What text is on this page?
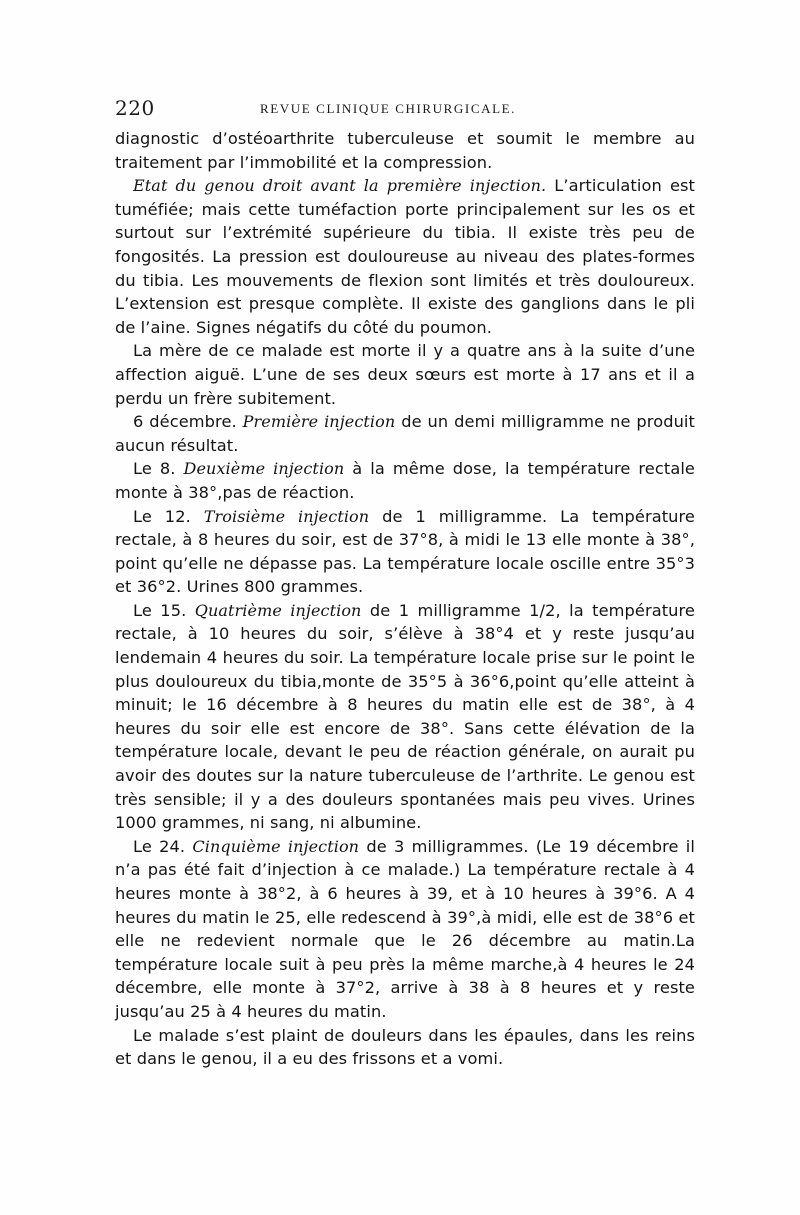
220	REVUE CLINIQUE CHIRURGICALE.

diagnostic d’ostéoarthrite tuberculeuse et soumit le membre au traitement par l’immobilité et la compression.

Etat du genou droit avant la première injection. L’articulation est tuméfiée; mais cette tuméfaction porte principalement sur les os et surtout sur l’extrémité supérieure du tibia. Il existe très peu de fongosités. La pression est douloureuse au niveau des plates-formes du tibia. Les mouvements de flexion sont limités et très douloureux. L’extension est presque complète. Il existe des ganglions dans le pli de l’aine. Signes négatifs du côté du poumon.

La mère de ce malade est morte il y a quatre ans à la suite d’une affection aiguë. L’une de ses deux sœurs est morte à 17 ans et il a perdu un frère subitement.

6 décembre. Première injection de un demi milligramme ne produit aucun résultat.

Le 8. Deuxième injection à la même dose, la température rectale monte à 38°,pas de réaction.

Le 12. Troisième injection de 1 milligramme. La température rectale, à 8 heures du soir, est de 37°8, à midi le 13 elle monte à 38°, point qu’elle ne dépasse pas. La température locale oscille entre 35°3 et 36°2. Urines 800 grammes.

Le 15. Quatrième injection de 1 milligramme 1/2, la température rectale, à 10 heures du soir, s’élève à 38°4 et y reste jusqu’au lendemain 4 heures du soir. La température locale prise sur le point le plus douloureux du tibia,monte de 35°5 à 36°6,point qu’elle atteint à minuit; le 16 décembre à 8 heures du matin elle est de 38°, à 4 heures du soir elle est encore de 38°. Sans cette élévation de la température locale, devant le peu de réaction générale, on aurait pu avoir des doutes sur la nature tuberculeuse de l’arthrite. Le genou est très sensible; il y a des douleurs spontanées mais peu vives. Urines 1000 grammes, ni sang, ni albumine.

Le 24. Cinquième injection de 3 milligrammes. (Le 19 décembre il n’a pas été fait d’injection à ce malade.) La température rectale à 4 heures monte à 38°2, à 6 heures à 39, et à 10 heures à 39°6. A 4 heures du matin le 25, elle redescend à 39°,à midi, elle est de 38°6 et elle ne redevient normale que le 26 décembre au matin.La température locale suit à peu près la même marche,à 4 heures le 24 décembre, elle monte à 37°2, arrive à 38 à 8 heures et y reste jusqu’au 25 à 4 heures du matin.

Le malade s’est plaint de douleurs dans les épaules, dans les reins et dans le genou, il a eu des frissons et a vomi.
